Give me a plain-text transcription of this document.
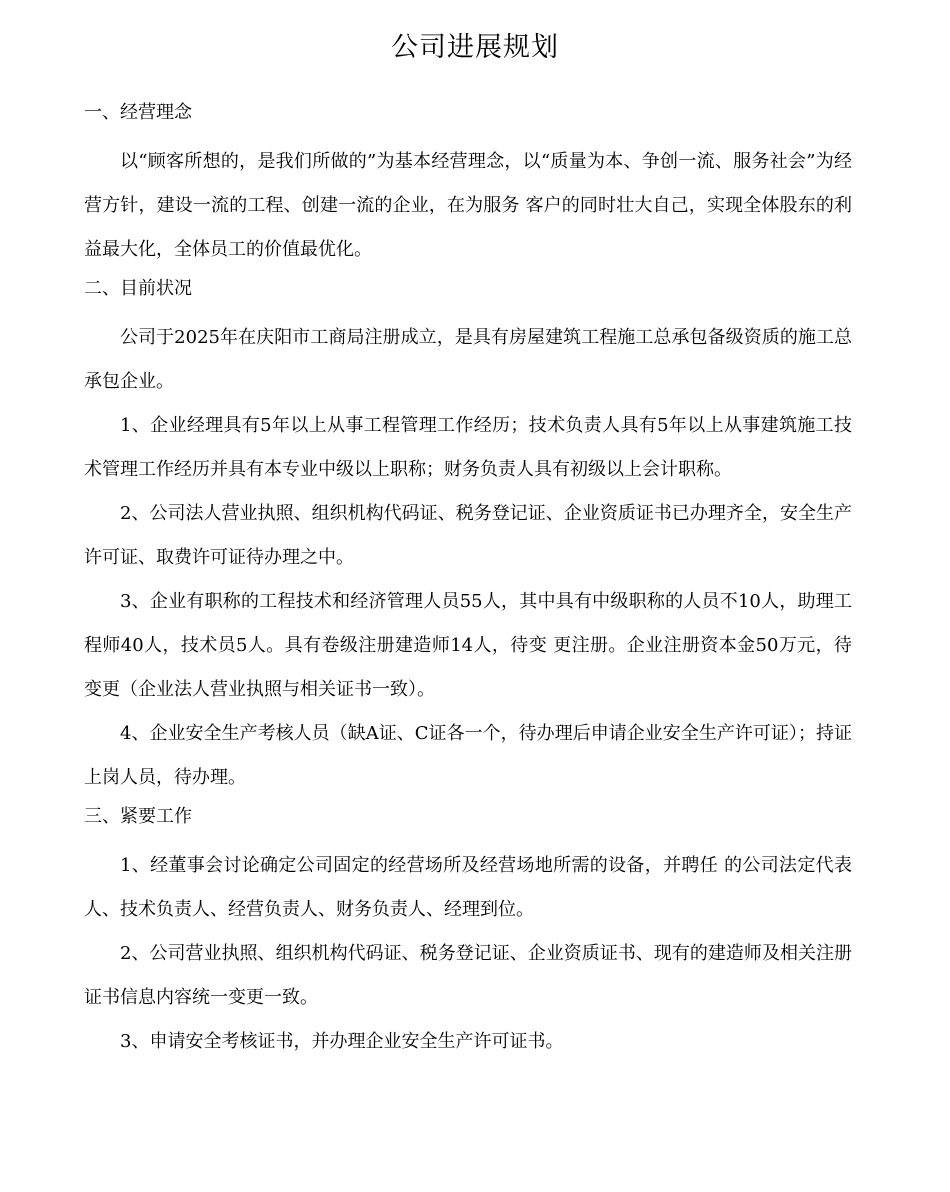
公司进展规划
一、经营理念

以“顾客所想的，是我们所做的”为基本经营理念，以“质量为本、争创一流、服务社会”为经营方针，建设一流的工程、创建一流的企业，在为服务 客户的同时壮大自己，实现全体股东的利益最大化，全体员工的价值最优化。

二、目前状况

公司于2025年在庆阳市工商局注册成立，是具有房屋建筑工程施工总承包备级资质的施工总承包企业。

1、企业经理具有5年以上从事工程管理工作经历；技术负责人具有5年以上从事建筑施工技术管理工作经历并具有本专业中级以上职称；财务负责人具有初级以上会计职称。

2、公司法人营业执照、组织机构代码证、税务登记证、企业资质证书已办理齐全，安全生产许可证、取费许可证待办理之中。

3、企业有职称的工程技术和经济管理人员55人，其中具有中级职称的人员不10人，助理工程师40人，技术员5人。具有卷级注册建造师14人，待变 更注册。企业注册资本金50万元，待变更（企业法人营业执照与相关证书一致）。

4、企业安全生产考核人员（缺A证、C证各一个，待办理后申请企业安全生产许可证）；持证上岗人员，待办理。

三、紧要工作

1、经董事会讨论确定公司固定的经营场所及经营场地所需的设备，并聘任 的公司法定代表人、技术负责人、经营负责人、财务负责人、经理到位。

2、公司营业执照、组织机构代码证、税务登记证、企业资质证书、现有的建造师及相关注册证书信息内容统一变更一致。

3、申请安全考核证书，并办理企业安全生产许可证书。
